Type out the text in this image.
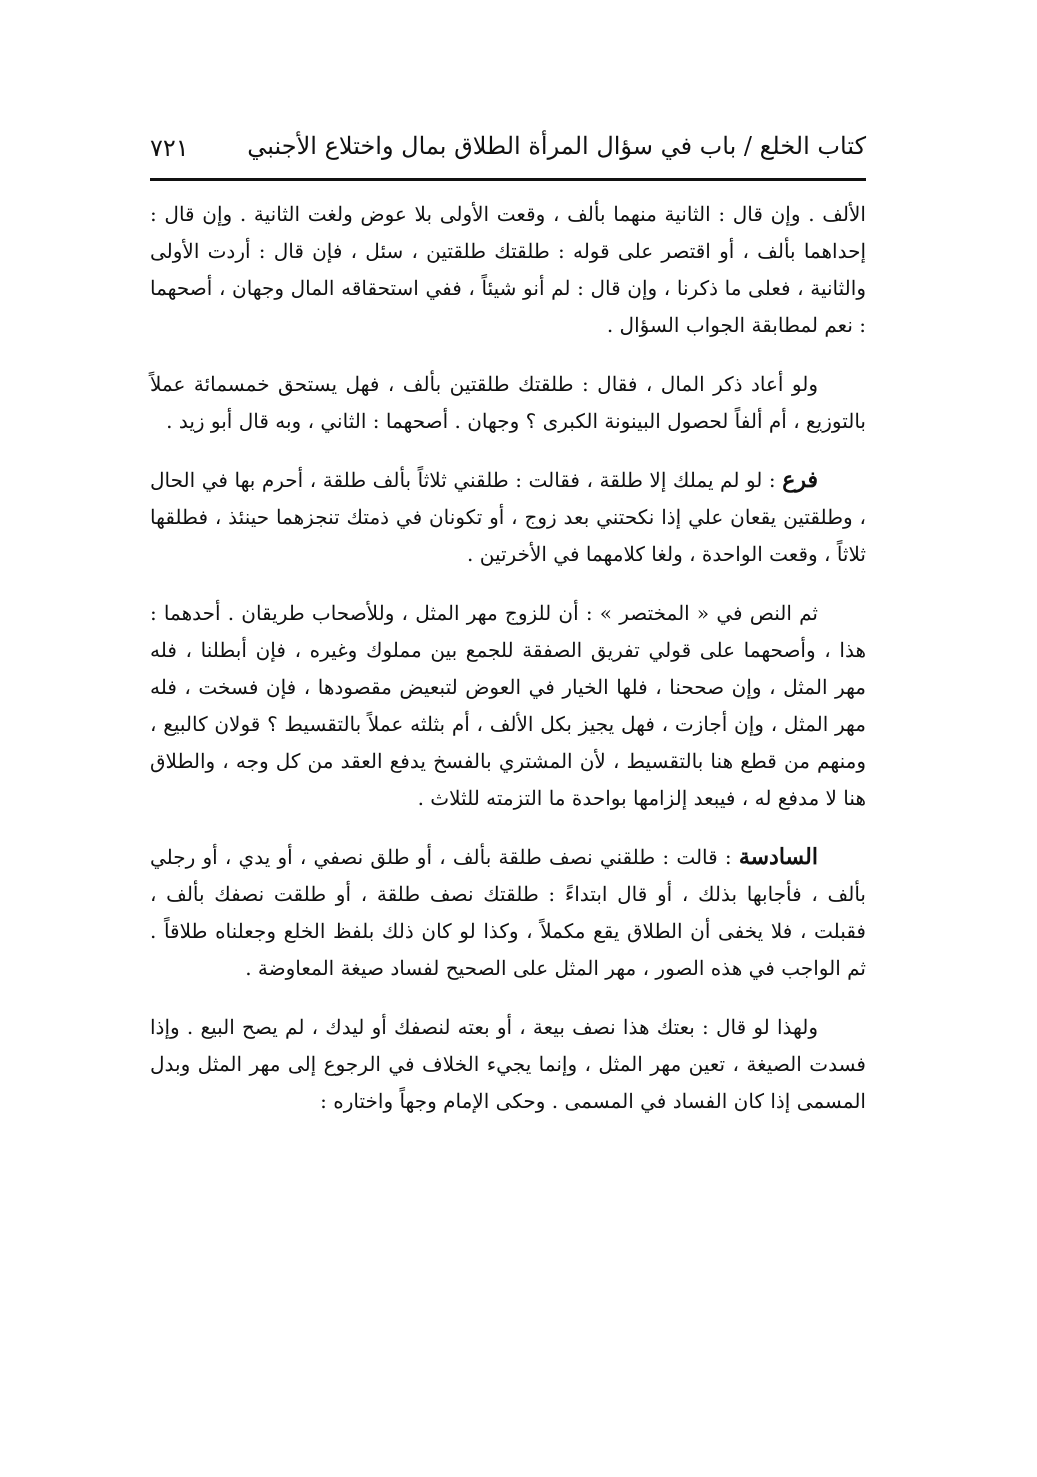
كتاب الخلع / باب في سؤال المرأة الطلاق بمال واختلاع الأجنبي
٧٢١

الألف . وإن قال : الثانية منهما بألف ، وقعت الأولى بلا عوض ولغت الثانية . وإن قال : إحداهما بألف ، أو اقتصر على قوله : طلقتك طلقتين ، سئل ، فإن قال : أردت الأولى والثانية ، فعلى ما ذكرنا ، وإن قال : لم أنو شيئاً ، ففي استحقاقه المال وجهان ، أصحهما : نعم لمطابقة الجواب السؤال .

ولو أعاد ذكر المال ، فقال : طلقتك طلقتين بألف ، فهل يستحق خمسمائة عملاً بالتوزيع ، أم ألفاً لحصول البينونة الكبرى ؟ وجهان . أصحهما : الثاني ، وبه قال أبو زيد .

فرع : لو لم يملك إلا طلقة ، فقالت : طلقني ثلاثاً بألف طلقة ، أحرم بها في الحال ، وطلقتين يقعان علي إذا نكحتني بعد زوج ، أو تكونان في ذمتك تنجزهما حينئذ ، فطلقها ثلاثاً ، وقعت الواحدة ، ولغا كلامهما في الأخرتين .

ثم النص في « المختصر » : أن للزوج مهر المثل ، وللأصحاب طريقان . أحدهما : هذا ، وأصحهما على قولي تفريق الصفقة للجمع بين مملوك وغيره ، فإن أبطلنا ، فله مهر المثل ، وإن صححنا ، فلها الخيار في العوض لتبعيض مقصودها ، فإن فسخت ، فله مهر المثل ، وإن أجازت ، فهل يجيز بكل الألف ، أم بثلثه عملاً بالتقسيط ؟ قولان كالبيع ، ومنهم من قطع هنا بالتقسيط ، لأن المشتري بالفسخ يدفع العقد من كل وجه ، والطلاق هنا لا مدفع له ، فيبعد إلزامها بواحدة ما التزمته للثلاث .

السادسة : قالت : طلقني نصف طلقة بألف ، أو طلق نصفي ، أو يدي ، أو رجلي بألف ، فأجابها بذلك ، أو قال ابتداءً : طلقتك نصف طلقة ، أو طلقت نصفك بألف ، فقبلت ، فلا يخفى أن الطلاق يقع مكملاً ، وكذا لو كان ذلك بلفظ الخلع وجعلناه طلاقاً . ثم الواجب في هذه الصور ، مهر المثل على الصحيح لفساد صيغة المعاوضة .

ولهذا لو قال : بعتك هذا نصف بيعة ، أو بعته لنصفك أو ليدك ، لم يصح البيع . وإذا فسدت الصيغة ، تعين مهر المثل ، وإنما يجيء الخلاف في الرجوع إلى مهر المثل وبدل المسمى إذا كان الفساد في المسمى . وحكى الإمام وجهاً واختاره :
